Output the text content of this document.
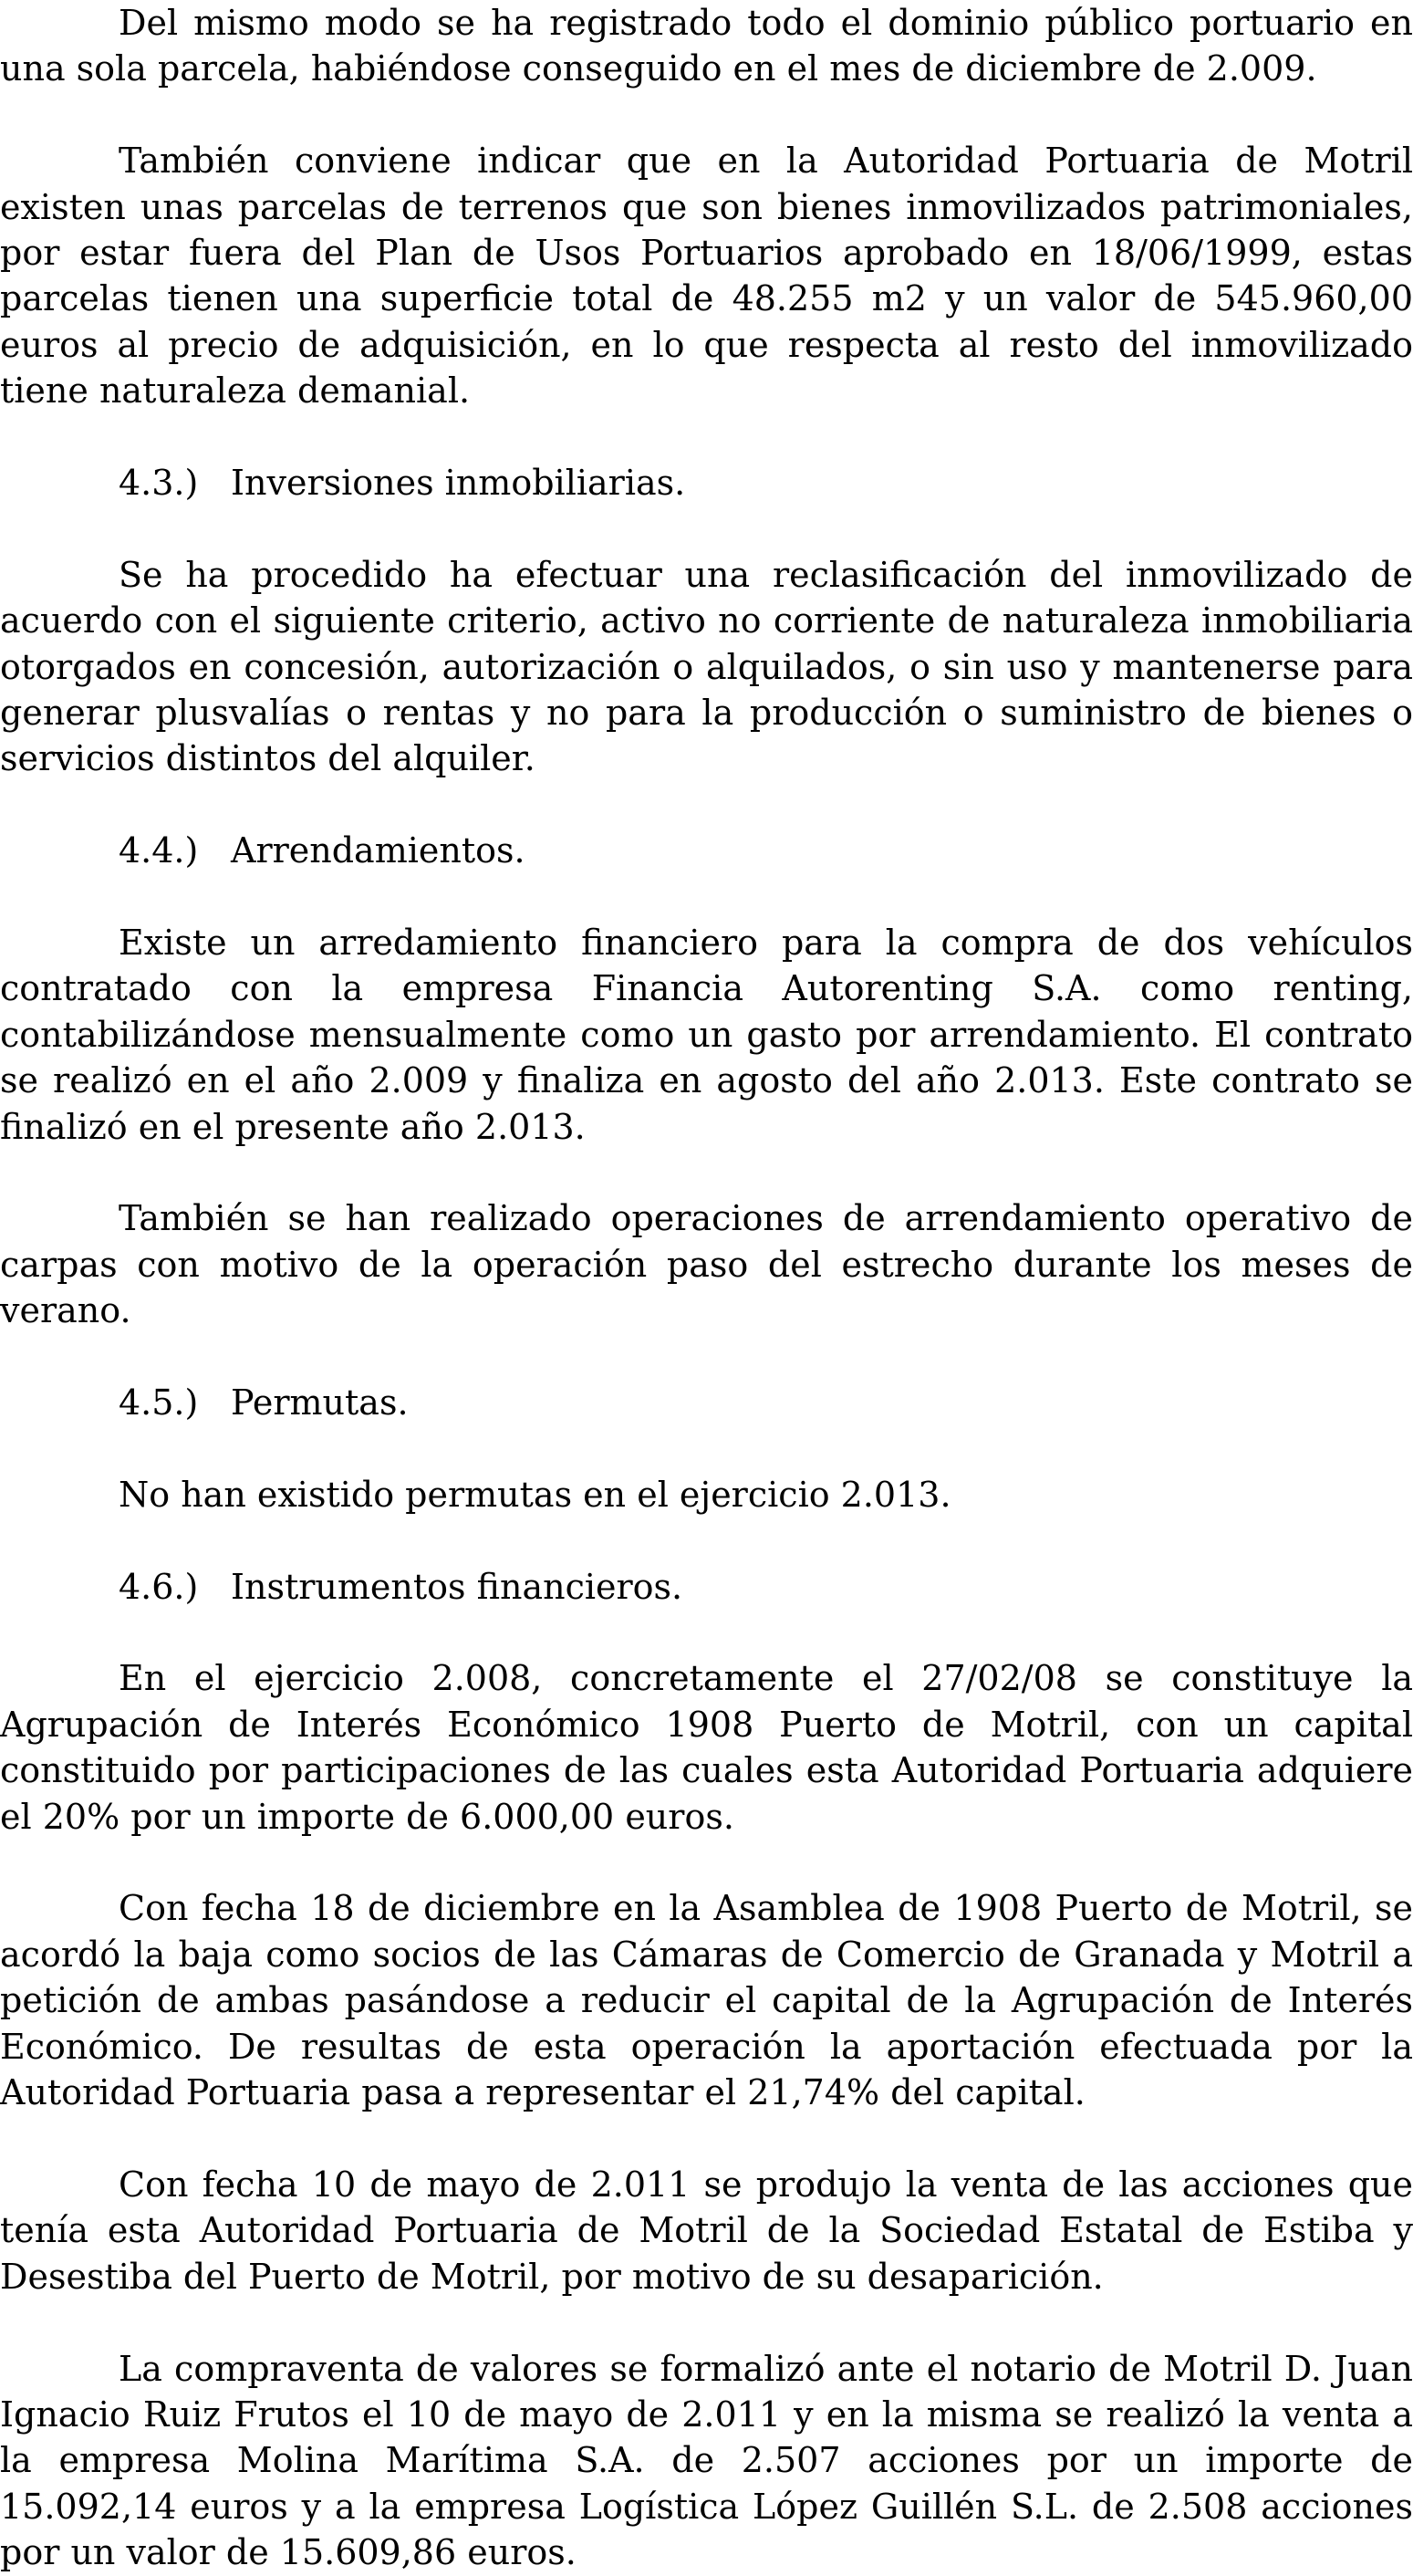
Del mismo modo se ha registrado todo el dominio público portuario en una sola parcela, habiéndose conseguido en el mes de diciembre de 2.009.

También conviene indicar que en la Autoridad Portuaria de Motril existen unas parcelas de terrenos que son bienes inmovilizados patrimoniales, por estar fuera del Plan de Usos Portuarios aprobado en 18/06/1999, estas parcelas tienen una superficie total de 48.255 m2 y un valor de 545.960,00 euros al precio de adquisición, en lo que respecta al resto del inmovilizado tiene naturaleza demanial.

4.3.) Inversiones inmobiliarias.

Se ha procedido ha efectuar una reclasificación del inmovilizado de acuerdo con el siguiente criterio, activo no corriente de naturaleza inmobiliaria otorgados en concesión, autorización o alquilados, o sin uso y mantenerse para generar plusvalías o rentas y no para la producción o suministro de bienes o servicios distintos del alquiler.

4.4.) Arrendamientos.

Existe un arredamiento financiero para la compra de dos vehículos contratado con la empresa Financia Autorenting S.A. como renting, contabilizándose mensualmente como un gasto por arrendamiento. El contrato se realizó en el año 2.009 y finaliza en agosto del año 2.013. Este contrato se finalizó en el presente año 2.013.

También se han realizado operaciones de arrendamiento operativo de carpas con motivo de la operación paso del estrecho durante los meses de verano.

4.5.) Permutas.

No han existido permutas en el ejercicio 2.013.

4.6.) Instrumentos financieros.

En el ejercicio 2.008, concretamente el 27/02/08 se constituye la Agrupación de Interés Económico 1908 Puerto de Motril, con un capital constituido por participaciones de las cuales esta Autoridad Portuaria adquiere el 20% por un importe de 6.000,00 euros.

Con fecha 18 de diciembre en la Asamblea de 1908 Puerto de Motril, se acordó la baja como socios de las Cámaras de Comercio de Granada y Motril a petición de ambas pasándose a reducir el capital de la Agrupación de Interés Económico. De resultas de esta operación la aportación efectuada por la Autoridad Portuaria pasa a representar el 21,74% del capital.

Con fecha 10 de mayo de 2.011 se produjo la venta de las acciones que tenía esta Autoridad Portuaria de Motril de la Sociedad Estatal de Estiba y Desestiba del Puerto de Motril, por motivo de su desaparición.

La compraventa de valores se formalizó ante el notario de Motril D. Juan Ignacio Ruiz Frutos el 10 de mayo de 2.011 y en la misma se realizó la venta a la empresa Molina Marítima S.A. de 2.507 acciones por un importe de 15.092,14 euros y a la empresa Logística López Guillén S.L. de 2.508 acciones por un valor de 15.609,86 euros.
